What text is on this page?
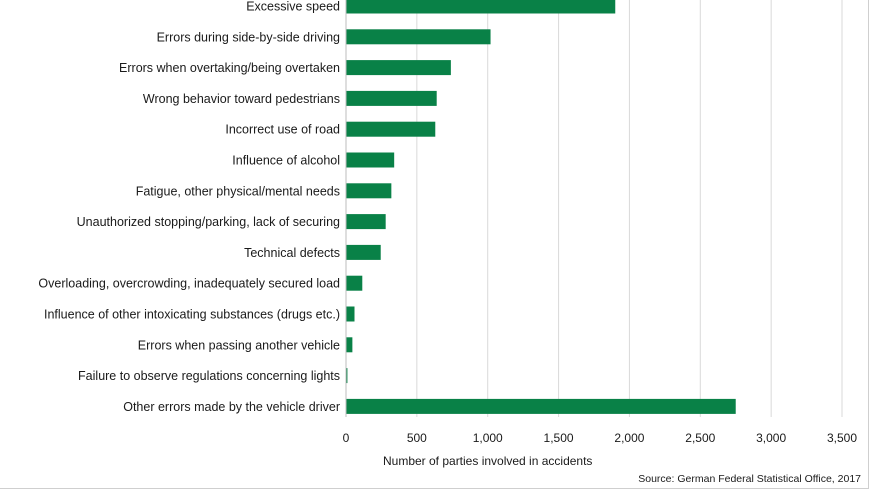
Excessive speed
Errors during side-by-side driving
Errors when overtaking/being overtaken
Wrong behavior toward pedestrians
Incorrect use of road
Influence of alcohol
Fatigue, other physical/mental needs
Unauthorized stopping/parking, lack of securing
Technical defects
Overloading, overcrowding, inadequately secured load
Influence of other intoxicating substances (drugs etc.)
Errors when passing another vehicle
Failure to observe regulations concerning lights
Other errors made by the vehicle driver
0	500	1,000	1,500	2,000	2,500	3,000	3,500
Number of parties involved in accidents
Source: German Federal Statistical Office, 2017
